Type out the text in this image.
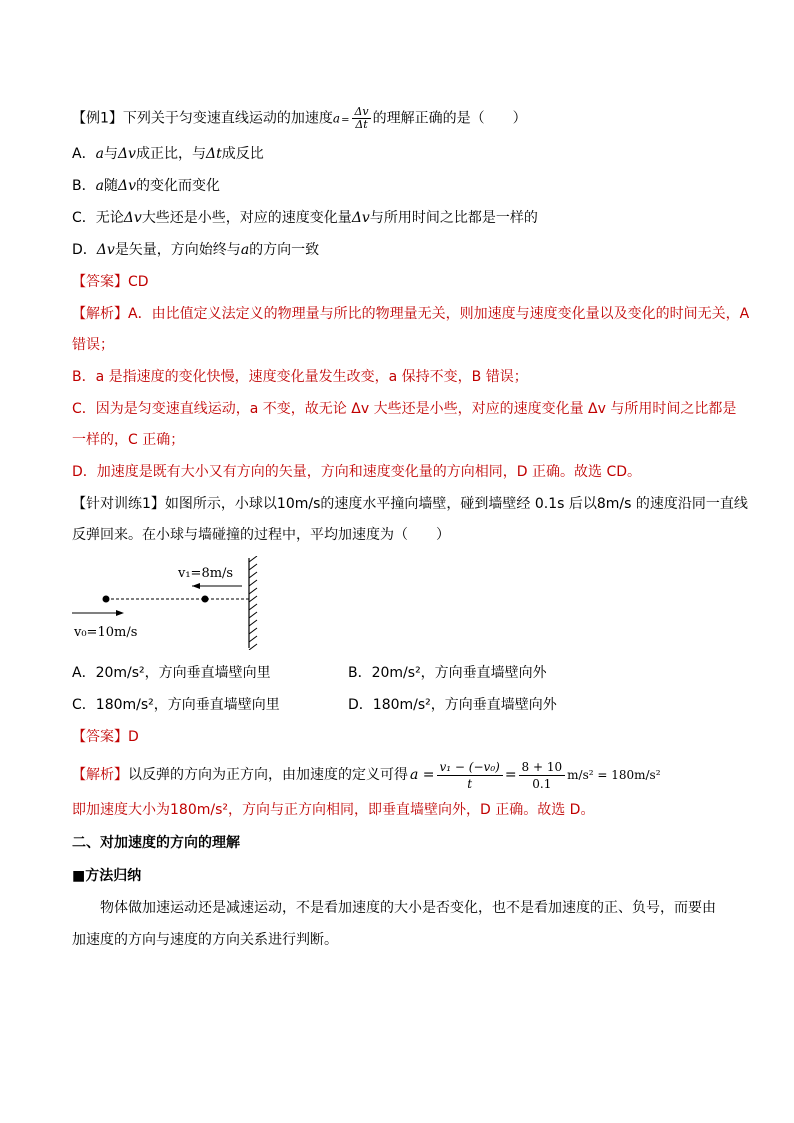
【例1】下列关于匀变速直线运动的加速度$a= \frac{\Delta v}{\Delta t}$ 的理解正确的是（　　）
A．a与Δv成正比，与Δt成反比
B．a随Δv的变化而变化
C．无论Δv大些还是小些，对应的速度变化量Δv与所用时间之比都是一样的
D．Δv是矢量，方向始终与a的方向一致
【答案】CD
【解析】A．由比值定义法定义的物理量与所比的物理量无关，则加速度与速度变化量以及变化的时间无关，A
错误；
B．a 是指速度的变化快慢，速度变化量发生改变，a 保持不变，B 错误；
C．因为是匀变速直线运动，a 不变，故无论 Δv 大些还是小些，对应的速度变化量 Δv 与所用时间之比都是
一样的，C 正确；
D．加速度是既有大小又有方向的矢量，方向和速度变化量的方向相同，D 正确。故选 CD。
【针对训练1】如图所示，小球以10m/s的速度水平撞向墙壁，碰到墙壁经 0.1s 后以8m/s 的速度沿同一直线
反弹回来。在小球与墙碰撞的过程中，平均加速度为（　　）
v₁=8m/s
v₀=10m/s
A．20m/s²，方向垂直墙壁向里	B．20m/s²，方向垂直墙壁向外
C．180m/s²，方向垂直墙壁向里	D．180m/s²，方向垂直墙壁向外
【答案】D
【解析】以反弹的方向为正方向，由加速度的定义可得 $a = \frac{\text{v₁ − (−v₀)}}{t} = \frac{8 + 10}{0.1} m/s^2 = 180m/s^2$
即加速度大小为180m/s²，方向与正方向相同，即垂直墙壁向外，D 正确。故选 D。
二、对加速度的方向的理解
■方法归纳
物体做加速运动还是减速运动，不是看加速度的大小是否变化，也不是看加速度的正、负号，而要由
加速度的方向与速度的方向关系进行判断。
